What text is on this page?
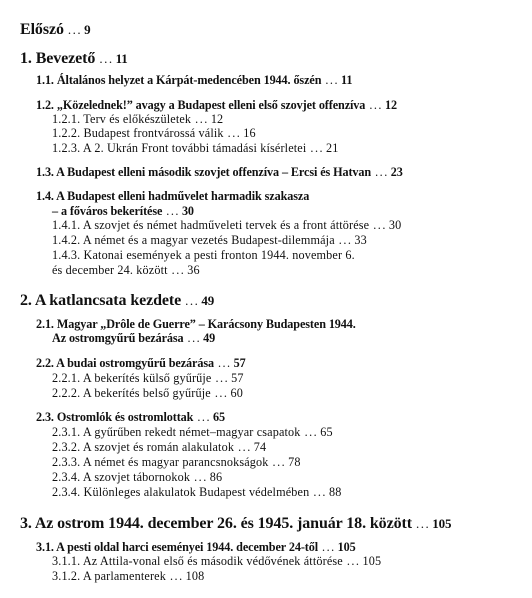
Előszó ... 9
1. Bevezető ... 11
1.1. Általános helyzet a Kárpát-medencében 1944. őszén ... 11
1.2. „Közelednek!” avagy a Budapest elleni első szovjet offenzíva ... 12
1.2.1. Terv és előkészületek ... 12
1.2.2. Budapest frontvárossá válik ... 16
1.2.3. A 2. Ukrán Front további támadási kísérletei ... 21
1.3. A Budapest elleni második szovjet offenzíva – Ercsi és Hatvan ... 23
1.4. A Budapest elleni hadművelet harmadik szakasza
– a főváros bekerítése ... 30
1.4.1. A szovjet és német hadműveleti tervek és a front áttörése ... 30
1.4.2. A német és a magyar vezetés Budapest-dilemmája ... 33
1.4.3. Katonai események a pesti fronton 1944. november 6.
és december 24. között ... 36
2. A katlancsata kezdete ... 49
2.1. Magyar „Drôle de Guerre” – Karácsony Budapesten 1944.
Az ostromgyűrű bezárása ... 49
2.2. A budai ostromgyűrű bezárása ... 57
2.2.1. A bekerítés külső gyűrűje ... 57
2.2.2. A bekerítés belső gyűrűje ... 60
2.3. Ostromlók és ostromlottak ... 65
2.3.1. A gyűrűben rekedt német–magyar csapatok ... 65
2.3.2. A szovjet és román alakulatok ... 74
2.3.3. A német és magyar parancsnokságok ... 78
2.3.4. A szovjet tábornokok ... 86
2.3.4. Különleges alakulatok Budapest védelmében ... 88
3. Az ostrom 1944. december 26. és 1945. január 18. között ... 105
3.1. A pesti oldal harci eseményei 1944. december 24-től ... 105
3.1.1. Az Attila-vonal első és második védővének áttörése ... 105
3.1.2. A parlamenterek ... 108
